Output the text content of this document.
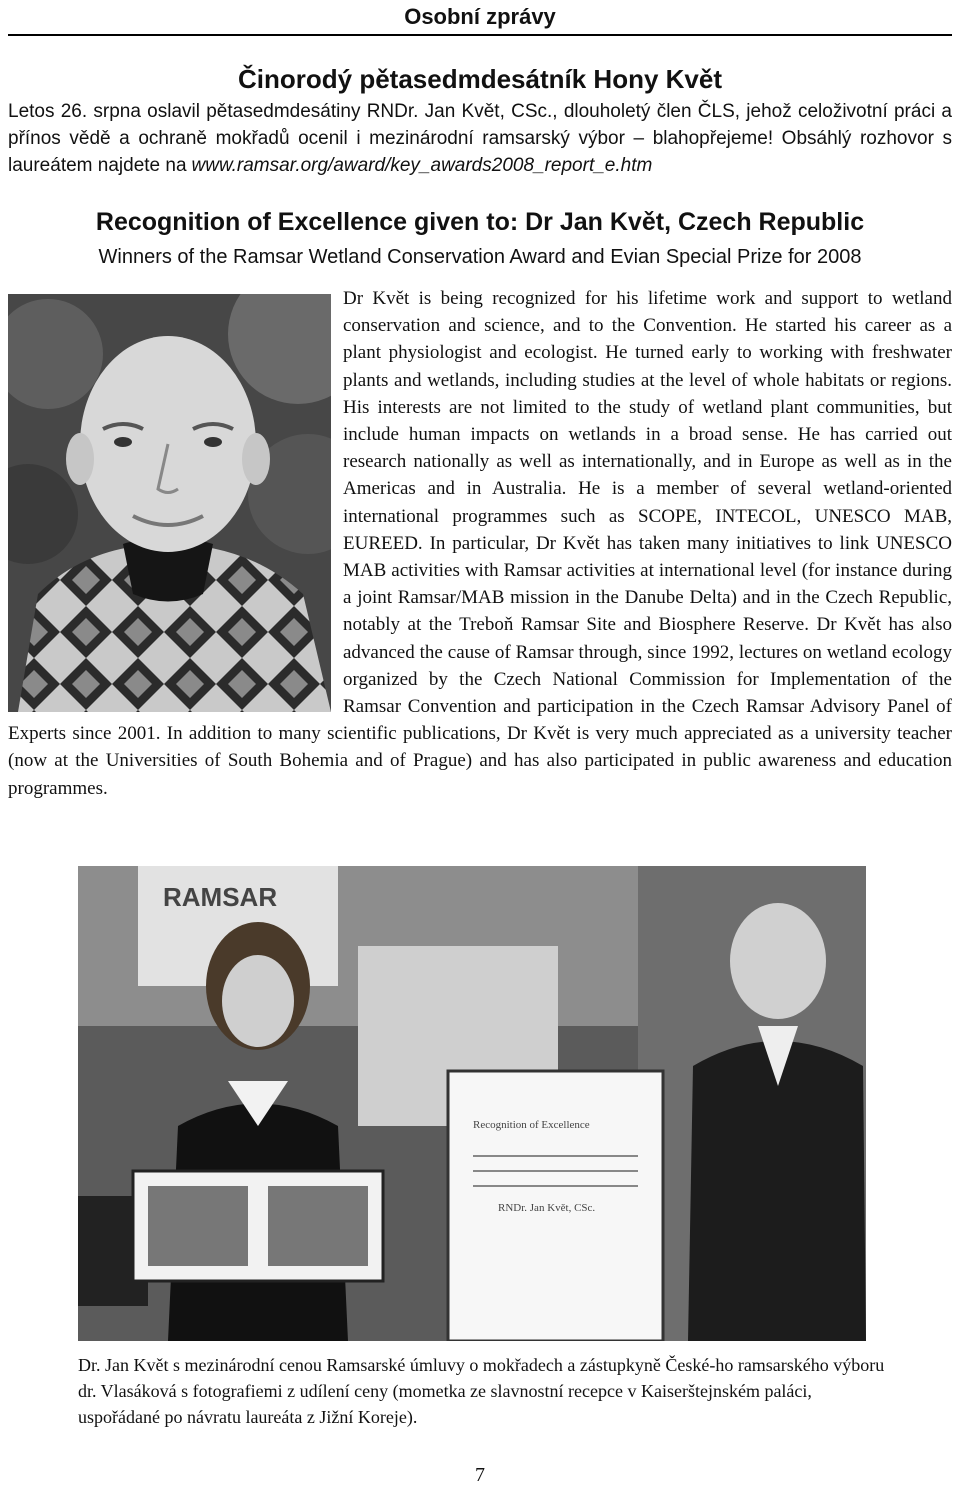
Osobní zprávy
Činorodý pětasedmdesátník Hony Květ
Letos 26. srpna oslavil pětasedmdesátiny RNDr. Jan Květ, CSc., dlouholetý člen ČLS, jehož celoživotní práci a přínos vědě a ochraně mokřadů ocenil i mezinárodní ramsarský výbor – blahopřejeme! Obsáhlý rozhovor s laureátem najdete na www.ramsar.org/award/key_awards2008_report_e.htm
Recognition of Excellence given to: Dr Jan Květ, Czech Republic
Winners of the Ramsar Wetland Conservation Award and Evian Special Prize for 2008
Dr Květ is being recognized for his lifetime work and support to wetland conservation and science, and to the Convention. He started his career as a plant physiologist and ecologist. He turned early to working with freshwater plants and wetlands, including studies at the level of whole habitats or regions. His interests are not limited to the study of wetland plant communities, but include human impacts on wetlands in a broad sense. He has carried out research nationally as well as internationally, and in Europe as well as in the Americas and in Australia. He is a member of several wetland-oriented international programmes such as SCOPE, INTECOL, UNESCO MAB, EUREED. In particular, Dr Květ has taken many initiatives to link UNESCO MAB activities with Ramsar activities at international level (for instance during a joint Ramsar/MAB mission in the Danube Delta) and in the Czech Republic, notably at the Treboň Ramsar Site and Biosphere Reserve. Dr Květ has also advanced the cause of Ramsar through, since 1992, lectures on wetland ecology organized by the Czech National Commission for Implementation of the Ramsar Convention and participation in the Czech Ramsar Advisory Panel of Experts since 2001. In addition to many scientific publications, Dr Květ is very much appreciated as a university teacher (now at the Universities of South Bohemia and of Prague) and has also participated in public awareness and education programmes.
RAMSAR
Recognition of Excellence
RNDr. Jan Květ, CSc.
Dr. Jan Květ s mezinárodní cenou Ramsarské úmluvy o mokřadech a zástupkyně České-ho ramsarského výboru dr. Vlasáková s fotografiemi z udílení ceny (mometka ze slavnostní recepce v Kaiserštejnském paláci, uspořádané po návratu laureáta z Jižní Koreje).
7
